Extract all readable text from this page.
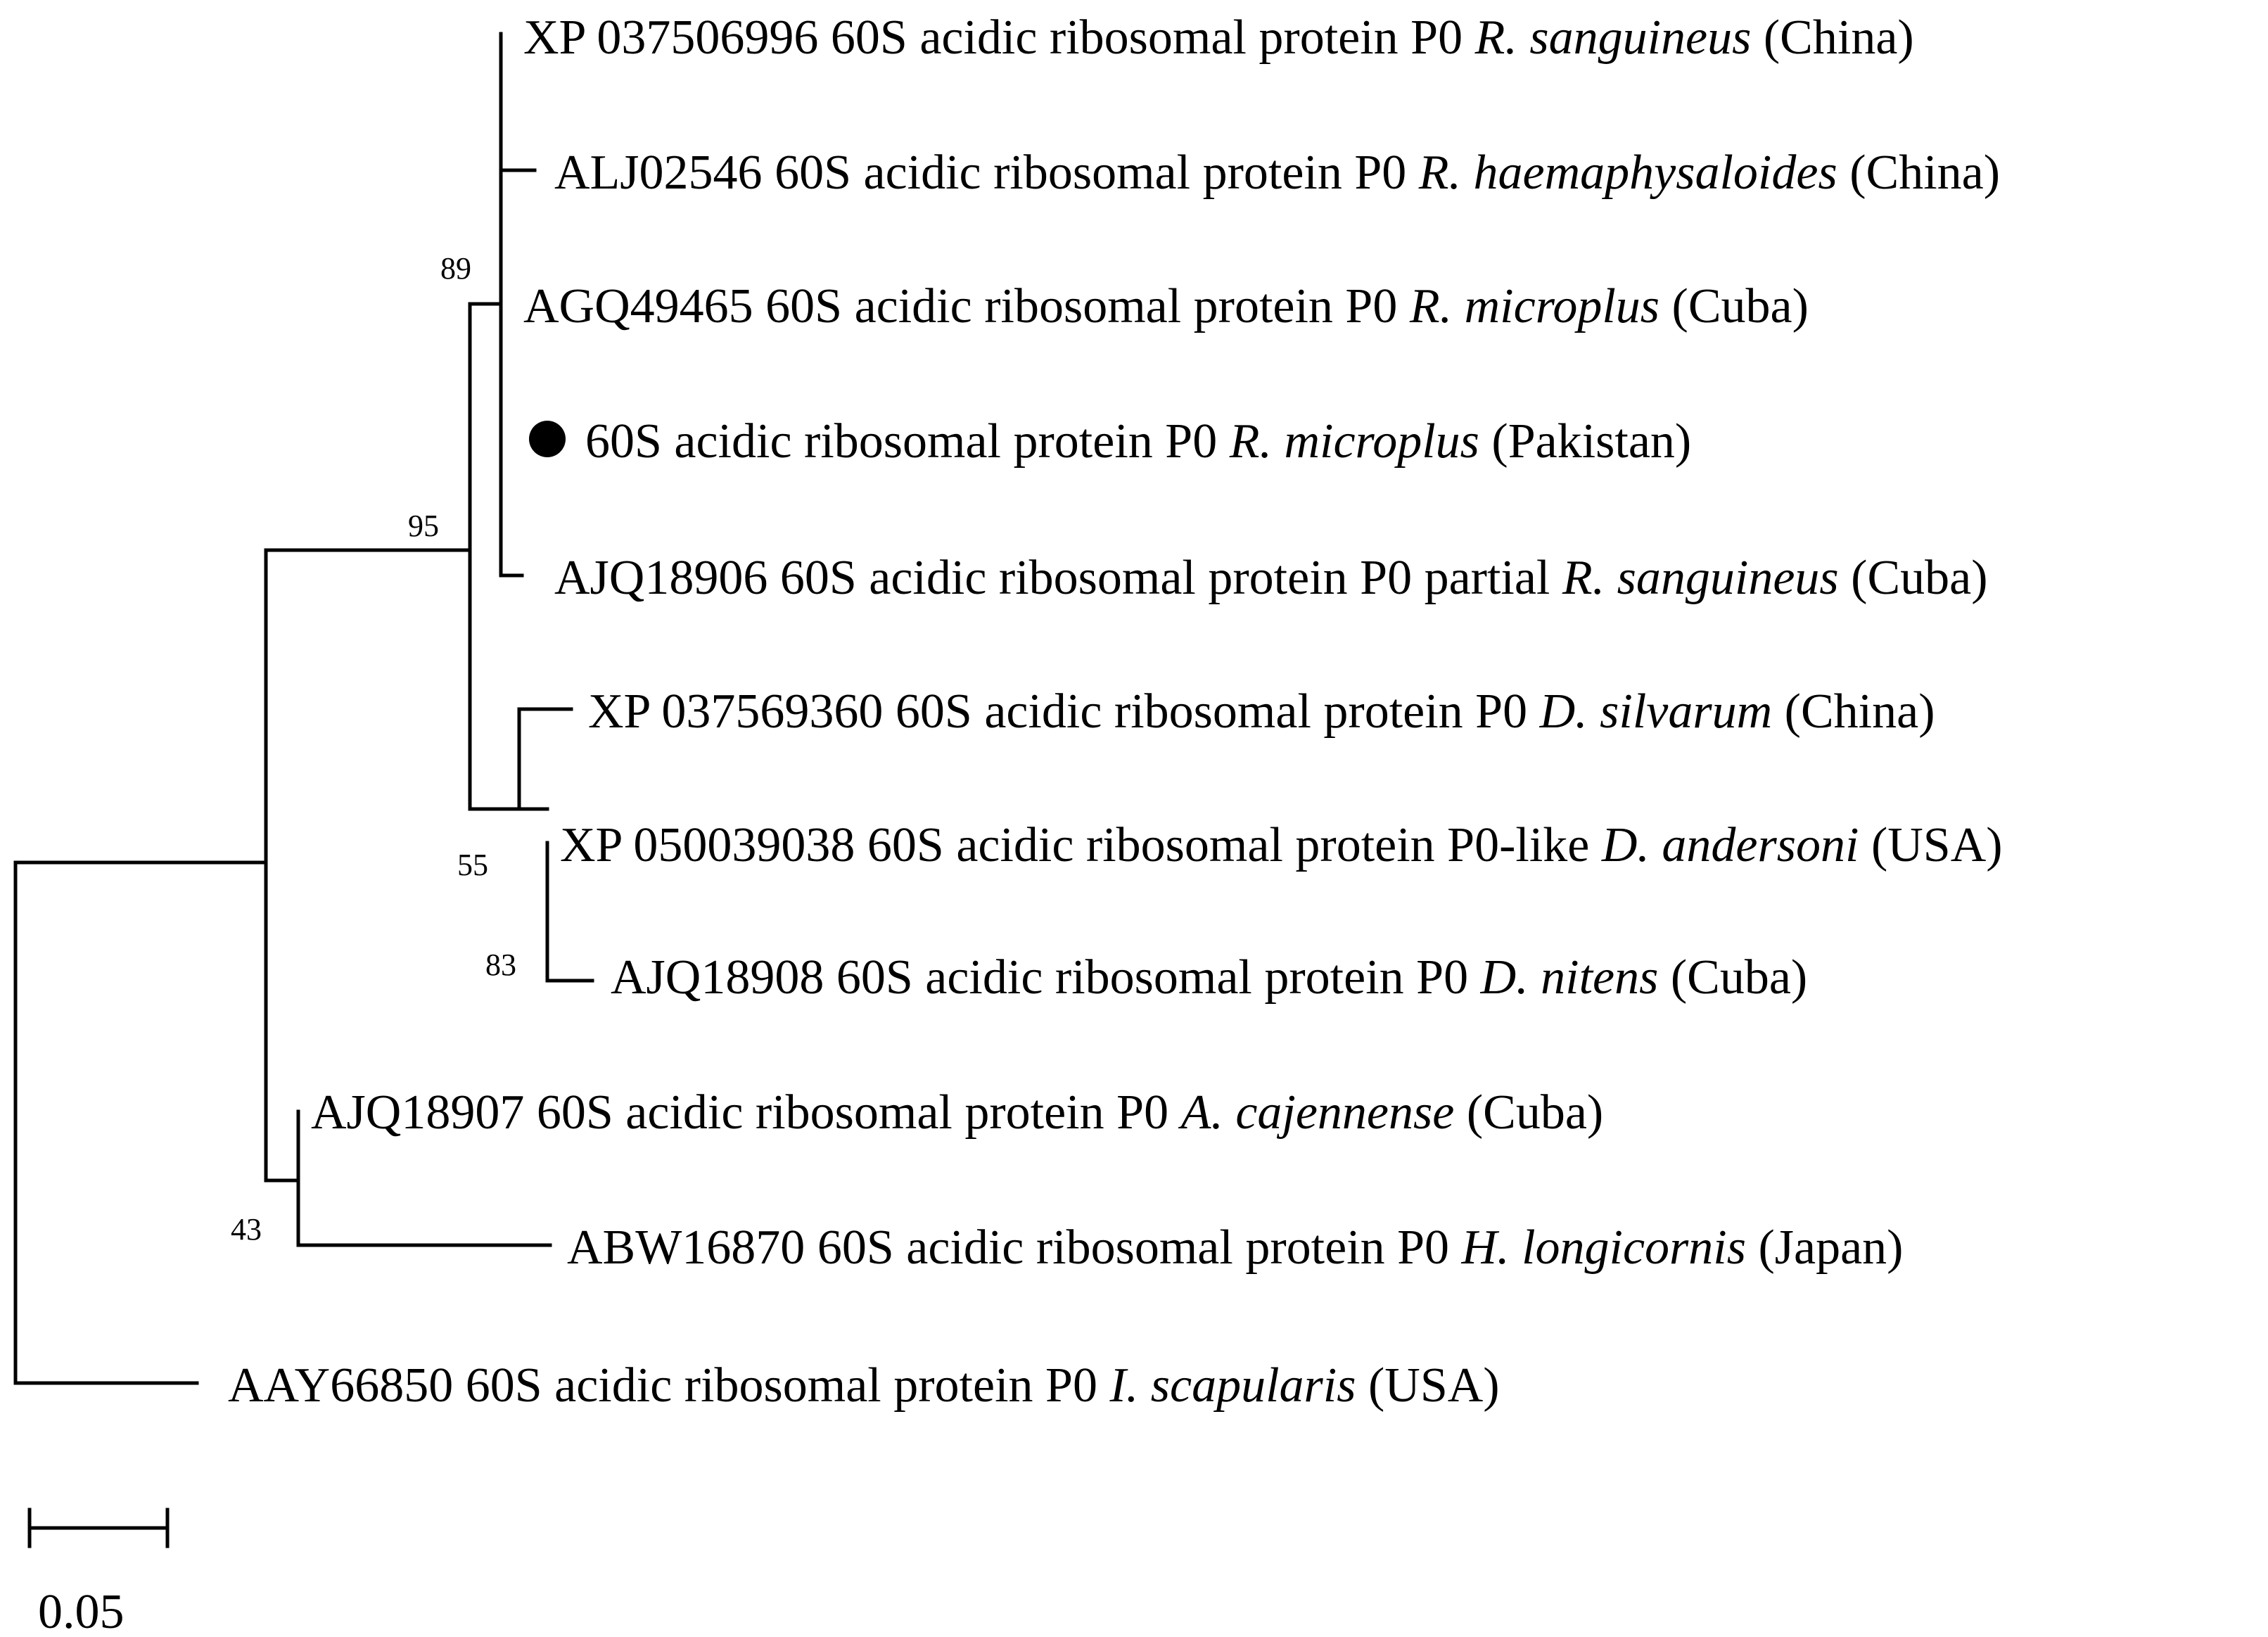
XP 037506996 60S acidic ribosomal protein P0 R. sanguineus (China)
ALJ02546 60S acidic ribosomal protein P0 R. haemaphysaloides (China)
AGQ49465 60S acidic ribosomal protein P0 R. microplus (Cuba)
60S acidic ribosomal protein P0 R. microplus (Pakistan)
AJQ18906 60S acidic ribosomal protein P0 partial R. sanguineus (Cuba)
XP 037569360 60S acidic ribosomal protein P0 D. silvarum (China)
XP 050039038 60S acidic ribosomal protein P0-like D. andersoni (USA)
AJQ18908 60S acidic ribosomal protein P0 D. nitens (Cuba)
AJQ18907 60S acidic ribosomal protein P0 A. cajennense (Cuba)
ABW16870 60S acidic ribosomal protein P0 H. longicornis (Japan)
AAY66850 60S acidic ribosomal protein P0 I. scapularis (USA)
89
95
55
83
43
0.05
